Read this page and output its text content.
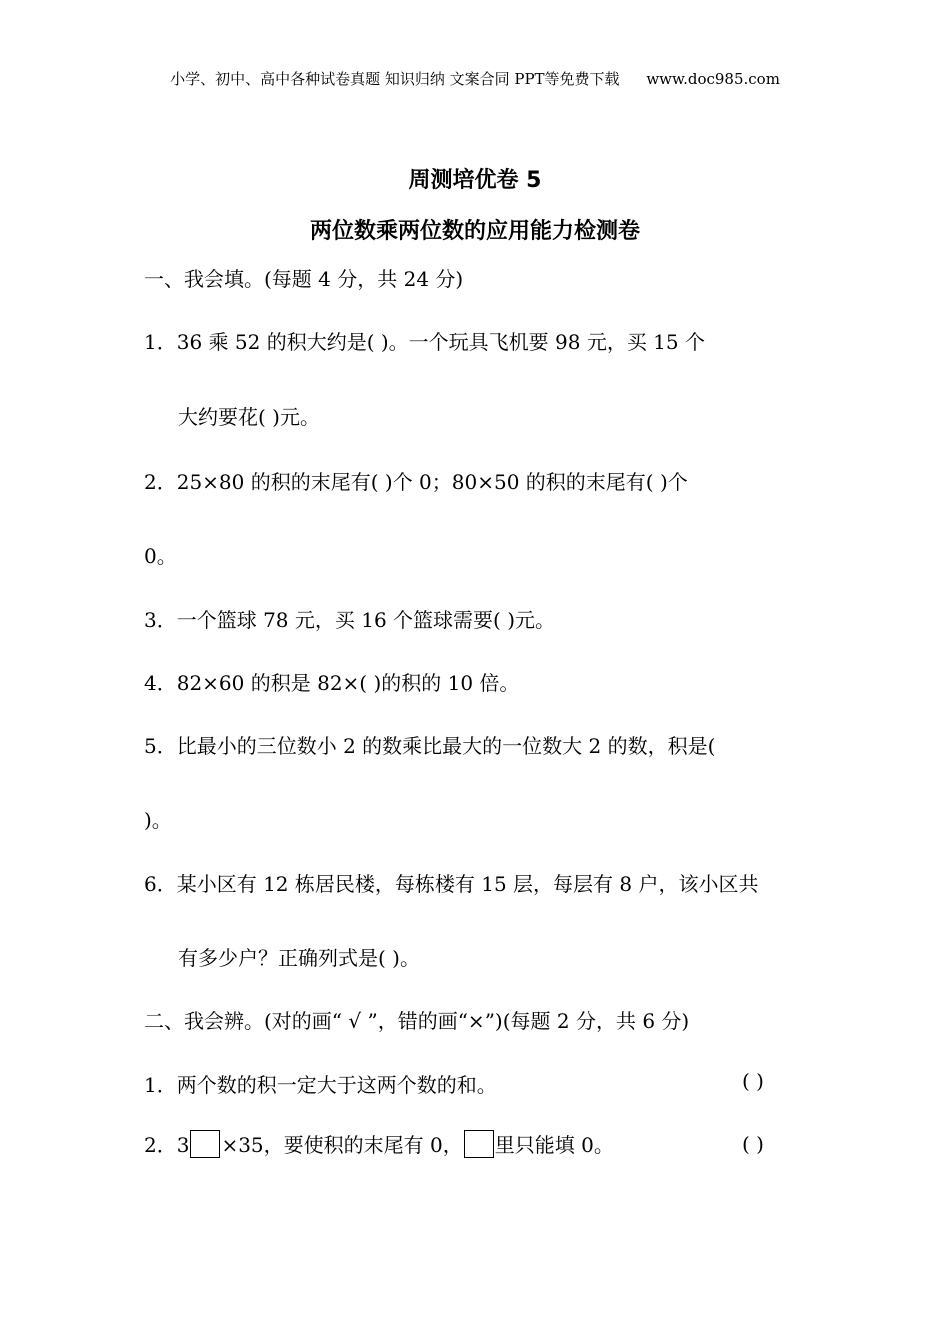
小学、初中、高中各种试卷真题 知识归纳 文案合同 PPT等免费下载 www.doc985.com
周测培优卷 5
两位数乘两位数的应用能力检测卷
一、我会填。(每题 4 分，共 24 分)
1．36 乘 52 的积大约是( )。一个玩具飞机要 98 元，买 15 个
大约要花( )元。
2．25×80 的积的末尾有( )个 0；80×50 的积的末尾有( )个
0。
3．一个篮球 78 元，买 16 个篮球需要( )元。
4．82×60 的积是 82×( )的积的 10 倍。
5．比最小的三位数小 2 的数乘比最大的一位数大 2 的数，积是(
)。
6．某小区有 12 栋居民楼，每栋楼有 15 层，每层有 8 户，该小区共
有多少户？正确列式是( )。
二、我会辨。(对的画“ √ ”，错的画“×”)(每题 2 分，共 6 分)
1．两个数的积一定大于这两个数的和。	( )
2．3 ×35，要使积的末尾有 0， 里只能填 0。	( )
